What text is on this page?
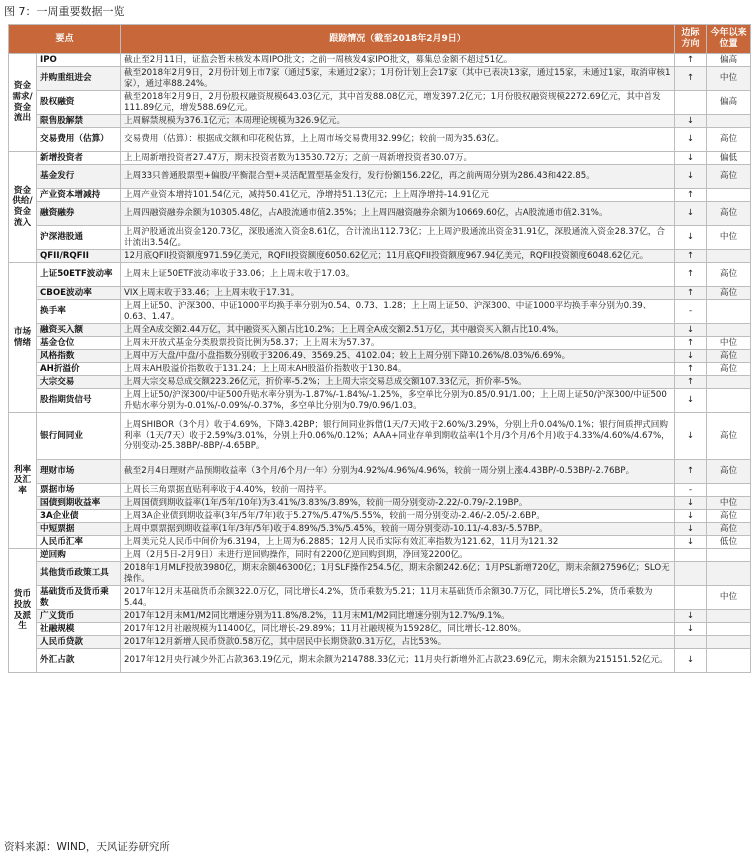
图 7：一周重要数据一览
要点		跟踪情况（截至2018年2月9日）	边际方向	今年以来位置
资金需求/资金流出	IPO	截止至2月11日，证监会暂未核发本周IPO批文；之前一周核发4家IPO批文，募集总金额不超过51亿。	↑	偏高
	并购重组进会	截至2018年2月9日，2月份计划上市7家（通过5家，未通过2家）；1月份计划上会17家（其中已表决13家，通过15家，未通过1家，取消审核1家），通过率88.24%。	↑	中位
	股权融资	截至2018年2月9日，2月份股权融资规模643.03亿元，其中首发88.08亿元，增发397.2亿元；1月份股权融资规模2272.69亿元，其中首发111.89亿元，增发588.69亿元。		偏高
	限售股解禁	上周解禁规模为376.1亿元；本周理论规模为326.9亿元。	↓	
	交易费用（估算）	交易费用（估算）：根据成交额和印花税估算，上上周市场交易费用32.99亿；较前一周为35.63亿。	↓	高位
资金供给/资金流入	新增投资者	上上周新增投资者27.47万，期末投资者数为13530.72万；之前一周新增投资者30.07万。	↓	偏低
	基金发行	上周33只普通股票型+偏股/平衡混合型+灵活配置型基金发行，发行份额156.22亿，再之前两周分别为286.43和422.85。	↓	高位
	产业资本增减持	上周产业资本增持101.54亿元，减持50.41亿元，净增持51.13亿元；上上周净增持-14.91亿元	↑	
	融资融券	上周四融资融券余额为10305.48亿，占A股流通市值2.35%；上上周四融资融券余额为10669.60亿，占A股流通市值2.31%。	↓	高位
	沪深港股通	上周沪股通流出资金120.73亿，深股通流入资金8.61亿，合计流出112.73亿；上上周沪股通流出资金31.91亿，深股通流入资金28.37亿，合计流出3.54亿。	↓	中位
	QFII/RQFII	12月底QFII投资额度971.59亿美元，RQFII投资额度6050.62亿元；11月底QFII投资额度967.94亿美元，RQFII投资额度6048.62亿元。	↑	
市场情绪	上证50ETF波动率	上周末上证50ETF波动率收于33.06；上上周末收于17.03。	↑	高位
	CBOE波动率	VIX上周末收于33.46；上上周末收于17.31。	↑	高位
	换手率	上周上证50、沪深300、中证1000平均换手率分别为0.54、0.73、1.28；上上周上证50、沪深300、中证1000平均换手率分别为0.39、0.63、1.47。	-	
	融资买入额	上周全A成交额2.44万亿，其中融资买入额占比10.2%；上上周全A成交额2.51万亿，其中融资买入额占比10.4%。	↓	
	基金仓位	上周末开放式基金分类股票投资比例为58.37；上上周末为57.37。	↑	中位
	风格指数	上周中万大盘/中盘/小盘指数分别收于3206.49、3569.25、4102.04；较上上周分别下降10.26%/8.03%/6.69%。	↓	高位
	AH折溢价	上周末AH股溢价指数收于131.24；上上周末AH股溢价指数收于130.84。	↑	高位
	大宗交易	上周大宗交易总成交额223.26亿元，折价率-5.2%；上上周大宗交易总成交额107.33亿元，折价率-5%。	↑	
	股指期货信号	上周上证50/沪深300/中证500升贴水率分别为-1.87%/-1.84%/-1.25%，多空单比分别为0.85/0.91/1.00；上上周上证50/沪深300/中证500升贴水率分别为-0.01%/-0.09%/-0.37%，多空单比分别为0.79/0.96/1.03。	↓	
利率及汇率	银行间同业	上周SHIBOR（3个月）收于4.69%，下降3.42BP；银行间同业拆借(1天/7天)收于2.60%/3.29%，分别上升0.04%/0.1%；银行间质押式回购利率（1天/7天）收于2.59%/3.01%，分别上升0.06%/0.12%；AAA+同业存单到期收益率(1个月/3个月/6个月)收于4.33%/4.60%/4.67%，分别变动-25.38BP/-8BP/-4.65BP。	↓	高位
	理财市场	截至2月4日理财产品预期收益率（3个月/6个月/一年）分别为4.92%/4.96%/4.96%，较前一周分别上涨4.43BP/-0.53BP/-2.76BP。	↑	高位
	票据市场	上周长三角票据直贴利率收于4.40%，较前一周持平。	-	
	国债到期收益率	上周国债到期收益率(1年/5年/10年)为3.41%/3.83%/3.89%，较前一周分别变动-2.22/-0.79/-2.19BP。	↓	中位
	3A企业债	上周3A企业债到期收益率(3年/5年/7年)收于5.27%/5.47%/5.55%，较前一周分别变动-2.46/-2.05/-2.6BP。	↓	高位
	中短票据	上周中票票据到期收益率(1年/3年/5年)收于4.89%/5.3%/5.45%，较前一周分别变动-10.11/-4.83/-5.57BP。	↓	高位
	人民币汇率	上周美元兑人民币中间价为6.3194，上上周为6.2885；12月人民币实际有效汇率指数为121.62，11月为121.32	↓	低位
货币投放及派生	逆回购	上周（2月5日-2月9日）未进行逆回购操作，同时有2200亿逆回购到期，净回笼2200亿。		
	其他货币政策工具	2018年1月MLF投放3980亿，期末余额46300亿；1月SLF操作254.5亿，期末余额242.6亿；1月PSL新增720亿，期末余额27596亿；SLO无操作。		
	基础货币及货币乘数	2017年12月末基础货币余额322.0万亿，同比增长4.2%，货币乘数为5.21；11月末基础货币余额30.7万亿，同比增长5.2%，货币乘数为5.44。		中位
	广义货币	2017年12月末M1/M2同比增速分别为11.8%/8.2%，11月末M1/M2同比增速分别为12.7%/9.1%。	↓	
	社融规模	2017年12月社融规模为11400亿，同比增长-29.89%；11月社融规模为15928亿，同比增长-12.80%。	↓	
	人民币贷款	2017年12月新增人民币贷款0.58万亿，其中居民中长期贷款0.31万亿，占比53%。		
	外汇占款	2017年12月央行减少外汇占款363.19亿元，期末余额为214788.33亿元；11月央行新增外汇占款23.69亿元，期末余额为215151.52亿元。	↓	
资料来源：WIND，天风证券研究所
